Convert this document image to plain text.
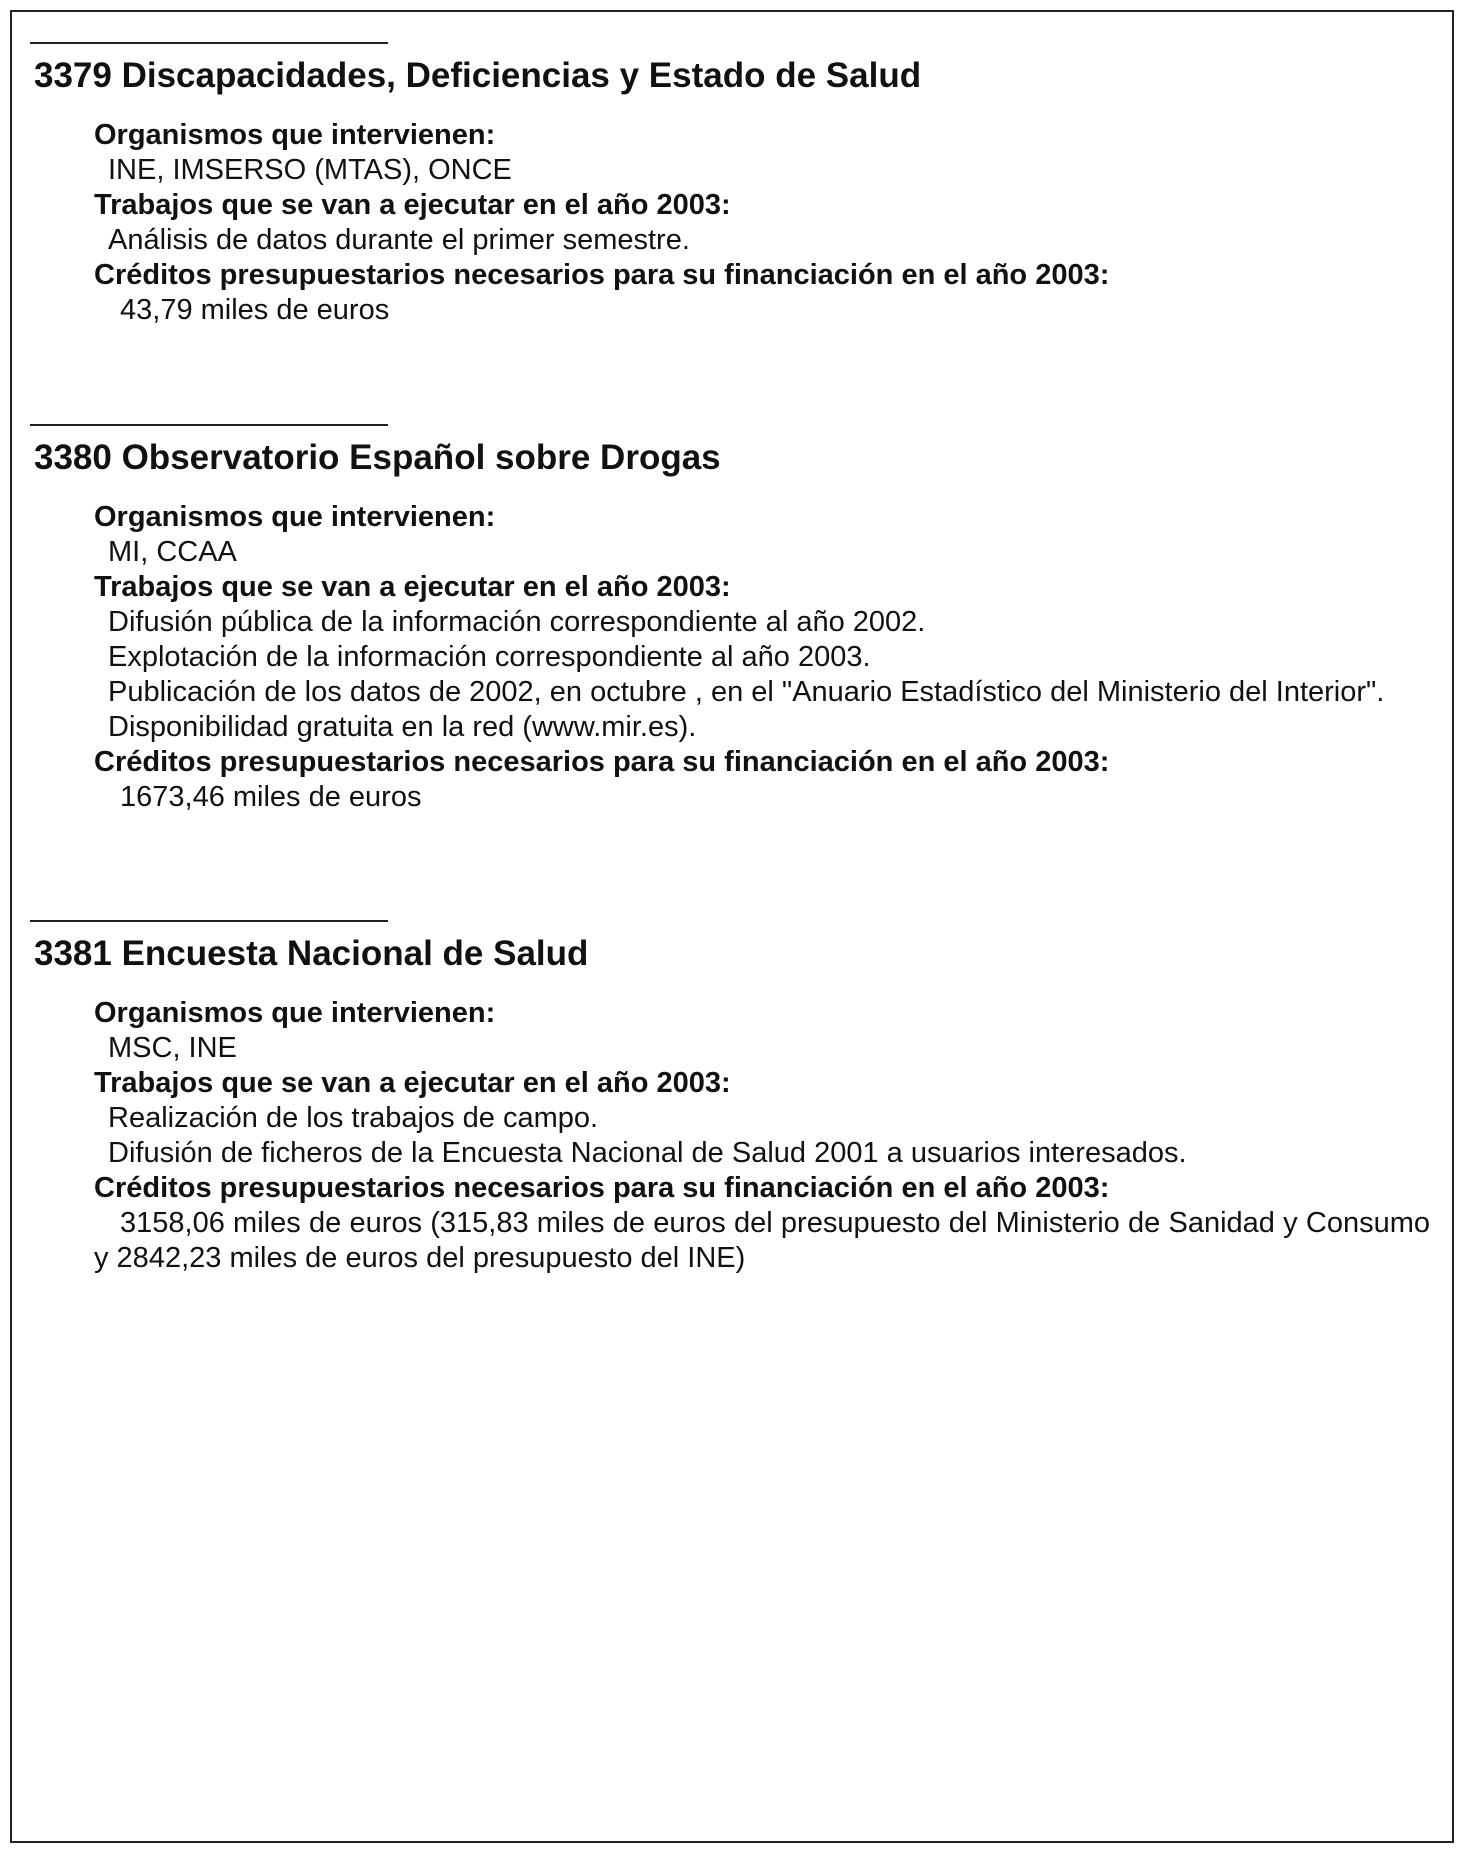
3379 Discapacidades, Deficiencias y Estado de Salud
Organismos que intervienen:
INE, IMSERSO (MTAS), ONCE
Trabajos que se van a ejecutar en el año 2003:
Análisis de datos durante el primer semestre.
Créditos presupuestarios necesarios para su financiación en el año 2003:
43,79 miles de euros
3380 Observatorio Español sobre Drogas
Organismos que intervienen:
MI, CCAA
Trabajos que se van a ejecutar en el año 2003:
Difusión pública de la información correspondiente al año 2002.
Explotación de la información correspondiente al año 2003.
Publicación de los datos de 2002, en octubre , en el "Anuario Estadístico del Ministerio del Interior".
Disponibilidad gratuita en la red (www.mir.es).
Créditos presupuestarios necesarios para su financiación en el año 2003:
1673,46 miles de euros
3381 Encuesta Nacional de Salud
Organismos que intervienen:
MSC, INE
Trabajos que se van a ejecutar en el año 2003:
Realización de los trabajos de campo.
Difusión de ficheros de la Encuesta Nacional de Salud 2001 a usuarios interesados.
Créditos presupuestarios necesarios para su financiación en el año 2003:
3158,06 miles de euros (315,83 miles de euros del presupuesto del Ministerio de Sanidad y Consumo y 2842,23 miles de euros del presupuesto del INE)
